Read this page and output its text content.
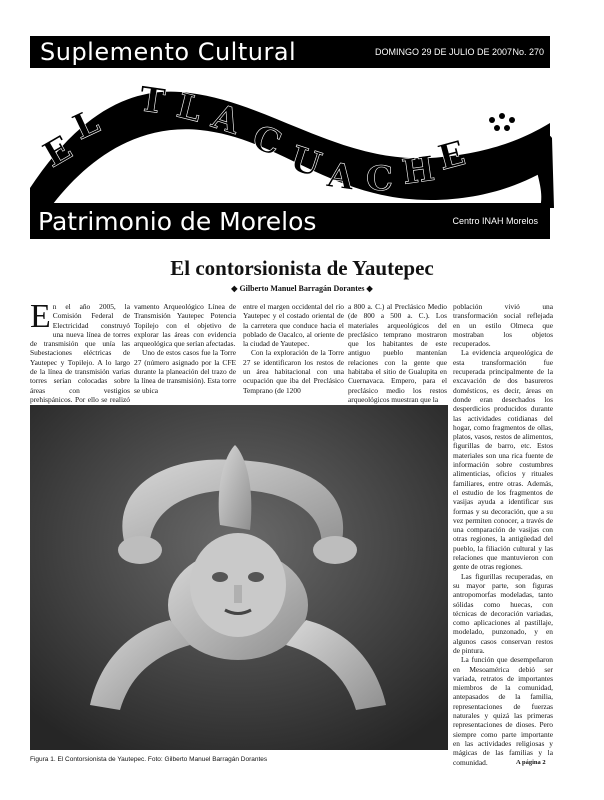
Suplemento Cultural	DOMINGO 29 DE JULIO DE 2007 No. 270
E
L
T L A C
U
A C H
E
Patrimonio de Morelos	Centro INAH Morelos
El contorsionista de Yautepec
◆ Gilberto Manuel Barragán Dorantes ◆

En el año 2005, la Comisión Federal de Electricidad construyó una nueva línea de torres de transmisión que unía las Subestaciones eléctricas de Yautepec y Topilejo. A lo largo de la línea de transmisión varias torres serían colocadas sobre áreas con vestigios prehispánicos. Por ello se realizó

vamento Arqueológico Línea de Transmisión Yautepec Potencia Topilejo con el objetivo de explorar las áreas con evidencia arqueológica que serían afectadas.

Uno de estos casos fue la Torre 27 (número asignado por la CFE durante la planeación del trazo de la línea de transmisión). Esta torre se ubica

entre el margen occidental del río Yautepec y el costado oriental de la carretera que conduce hacia el poblado de Oacalco, al oriente de la ciudad de Yautepec.

Con la exploración de la Torre 27 se identificaron los restos de un área habitacional con una ocupación que iba del Preclásico Temprano (de 1200

a 800 a. C.) al Preclásico Medio (de 800 a 500 a. C.). Los materiales arqueológicos del preclásico temprano mostraron que los habitantes de este antiguo pueblo mantenían relaciones con la gente que habitaba el sitio de Gualupita en Cuernavaca. Empero, para el preclásico medio los restos arqueológicos muestran que la

población vivió una transformación social reflejada en un estilo Olmeca que mostraban los objetos recuperados.

La evidencia arqueológica de esta transformación fue recuperada principalmente de la excavación de dos basureros domésticos, es decir, áreas en donde eran desechados los desperdicios producidos durante las actividades cotidianas del hogar, como fragmentos de ollas, platos, vasos, restos de alimentos, figurillas de barro, etc. Estos materiales son una rica fuente de información sobre costumbres alimenticias, oficios y rituales familiares, entre otras. Además, el estudio de los fragmentos de vasijas ayuda a identificar sus formas y su decoración, que a su vez permiten conocer, a través de una comparación de vasijas con otras regiones, la antigüedad del pueblo, la filiación cultural y las relaciones que mantuvieron con gente de otras regiones.

Las figurillas recuperadas, en su mayor parte, son figuras antropomorfas modeladas, tanto sólidas como huecas, con técnicas de decoración variadas, como aplicaciones al pastillaje, modelado, punzonado, y en algunos casos conservan restos de pintura.

La función que desempeñaron en Mesoamérica debió ser variada, retratos de importantes miembros de la comunidad, antepasados de la familia, representaciones de fuerzas naturales y quizá las primeras representaciones de dioses. Pero siempre como parte importante en las actividades religiosas y mágicas de las familias y la comunidad.

Figura 1. El Contorsionista de Yautepec. Foto: Gilberto Manuel Barragán Dorantes	A página 2
